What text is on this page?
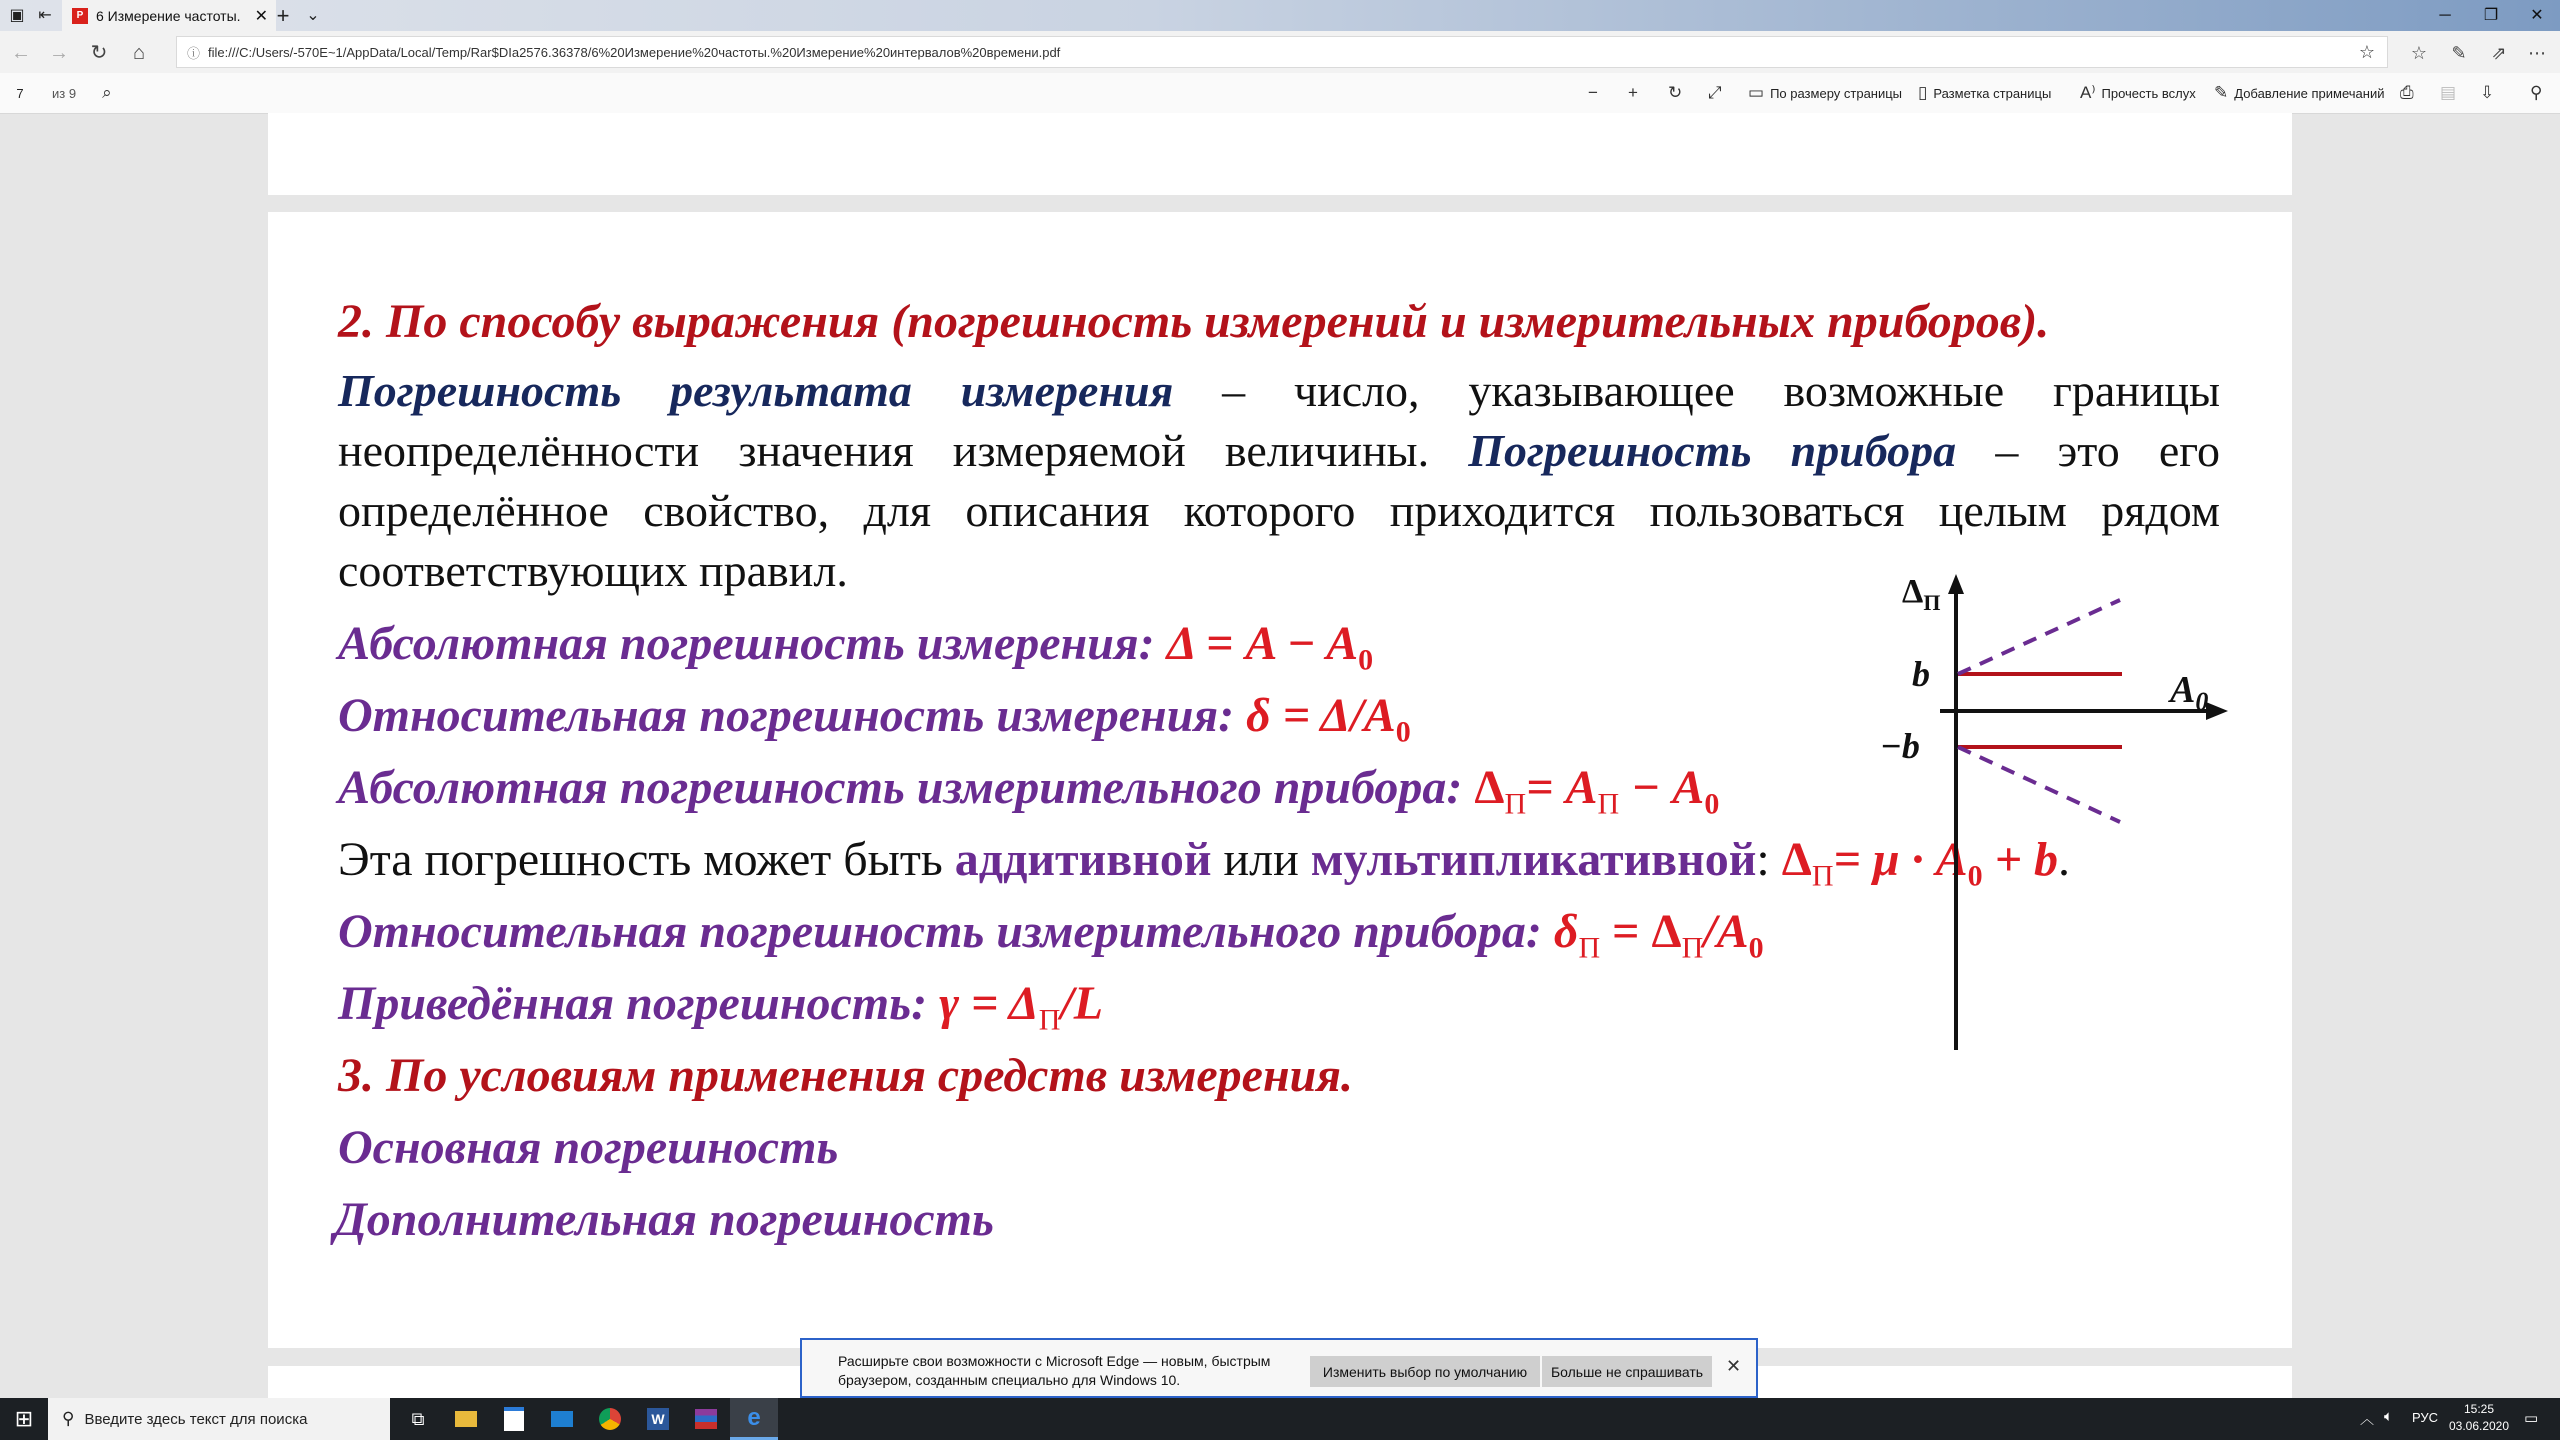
▣ ⇤	P 6 Измерение частоты. ✕ + ⌄	─	❐	✕
← → ↻	⌂	ⓘ file:///C:/Users/-570E~1/AppData/Local/Temp/Rar$DIa2576.36378/6%20Измерение%20частоты.%20Измерение%20интервалов%20времени.pdf	☆ ☆	✎	⇗	⋯
7	из 9 ⌕	− + ↻ ⤢ ▭ По размеру страницы ▯ Разметка страницы A⁾ Прочесть вслух ✎ Добавление примечаний ⎙ ▤ ⇩ ⚲
2. По способу выражения (погрешность измерений и измерительных приборов).
Погрешность результата измерения – число, указывающее возможные границы
неопределённости значения измеряемой величины. Погрешность прибора – это его
определённое свойство, для описания которого приходится пользоваться целым рядом
соответствующих правил.
Абсолютная погрешность измерения: $\Delta = A - A_0$
Относительная погрешность измерения: $\delta = \Delta/A_0$
Абсолютная погрешность измерительного прибора: $\Delta_П= A_П - A_0$
Эта погрешность может быть аддитивной или мультипликативной: $\Delta_П= \mu \cdot A_0 + b$.
Относительная погрешность измерительного прибора: $\delta_П = \Delta_П/A_0$
Приведённая погрешность: $\gamma = \Delta_П/L$
3. По условиям применения средств измерения.
Основная погрешность
Дополнительная погрешность
$\Delta_П$
$A_0$
b
−b
Расширьте свои возможности с Microsoft Edge — новым, быстрым
браузером, созданным специально для Windows 10.
Изменить выбор по умолчанию	Больше не спрашивать	✕
⊞	⚲ Введите здесь текст для поиска	⧉	W	e	︿ 🔈︎ РУС
15:25
03.06.2020 ▭
